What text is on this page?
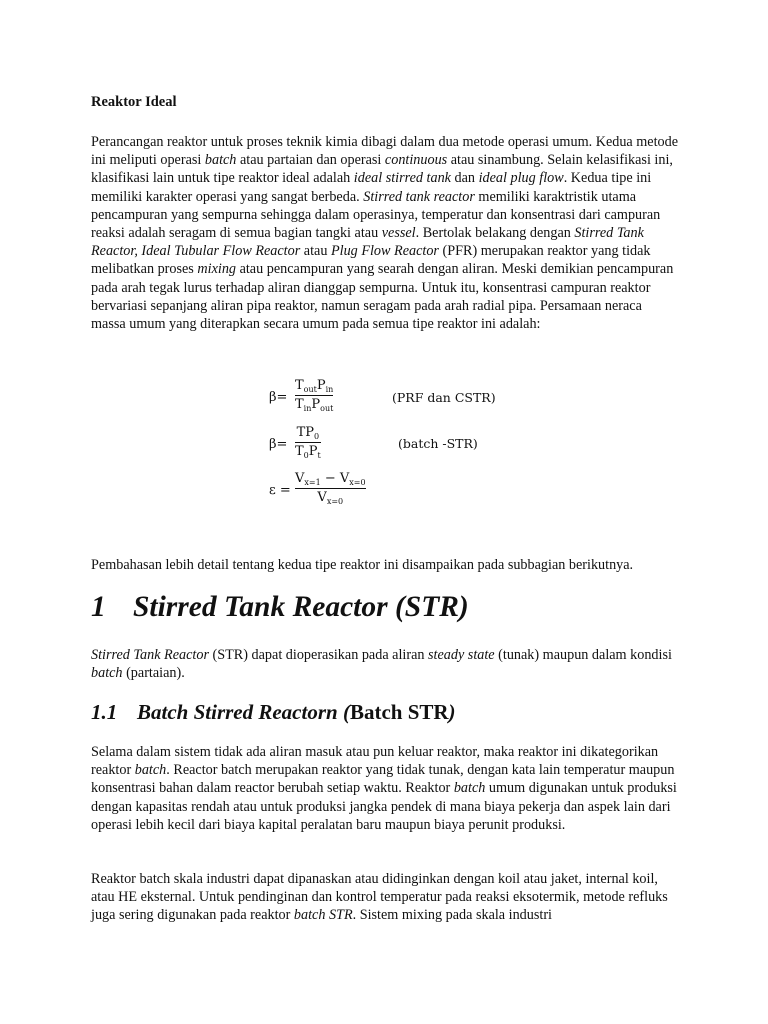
Reaktor Ideal

Perancangan reaktor untuk proses teknik kimia dibagi dalam dua metode operasi umum. Kedua metode ini meliputi operasi batch atau partaian dan operasi continuous atau sinambung. Selain kelasifikasi ini, klasifikasi lain untuk tipe reaktor ideal adalah ideal stirred tank dan ideal plug flow. Kedua tipe ini memiliki karakter operasi yang sangat berbeda. Stirred tank reactor memiliki karaktristik utama pencampuran yang sempurna sehingga dalam operasinya, temperatur dan konsentrasi dari campuran reaksi adalah seragam di semua bagian tangki atau vessel. Bertolak belakang dengan Stirred Tank Reactor, Ideal Tubular Flow Reactor atau Plug Flow Reactor (PFR) merupakan reaktor yang tidak melibatkan proses mixing atau pencampuran yang searah dengan aliran. Meski demikian pencampuran pada arah tegak lurus terhadap aliran dianggap sempurna. Untuk itu, konsentrasi campuran reaktor bervariasi sepanjang aliran pipa reaktor, namun seragam pada arah radial pipa. Persamaan neraca massa umum yang diterapkan secara umum pada semua tipe reaktor ini adalah:

Pembahasan lebih detail tentang kedua tipe reaktor ini disampaikan pada subbagian berikutnya.

1 Stirred Tank Reactor (STR)

Stirred Tank Reactor (STR) dapat dioperasikan pada aliran steady state (tunak) maupun dalam kondisi batch (partaian).

1.1 Batch Stirred Reactorn (Batch STR)

Selama dalam sistem tidak ada aliran masuk atau pun keluar reaktor, maka reaktor ini dikategorikan reaktor batch. Reactor batch merupakan reaktor yang tidak tunak, dengan kata lain temperatur maupun konsentrasi bahan dalam reactor berubah setiap waktu. Reaktor batch umum digunakan untuk produksi dengan kapasitas rendah atau untuk produksi jangka pendek di mana biaya pekerja dan aspek lain dari operasi lebih kecil dari biaya kapital peralatan baru maupun biaya perunit produksi.

Reaktor batch skala industri dapat dipanaskan atau didinginkan dengan koil atau jaket, internal koil, atau HE eksternal. Untuk pendinginan dan kontrol temperatur pada reaksi eksotermik, metode refluks juga sering digunakan pada reaktor batch STR. Sistem mixing pada skala industri

β=
$T_{out}P_{in}$
$T_{in}P_{out}$
(PRF dan CSTR)
β=
$TP_0$
$T_0P_t$
(batch -STR)
ε =
$V_{x=1} - V_{x=0}$
$V_{x=0}$
